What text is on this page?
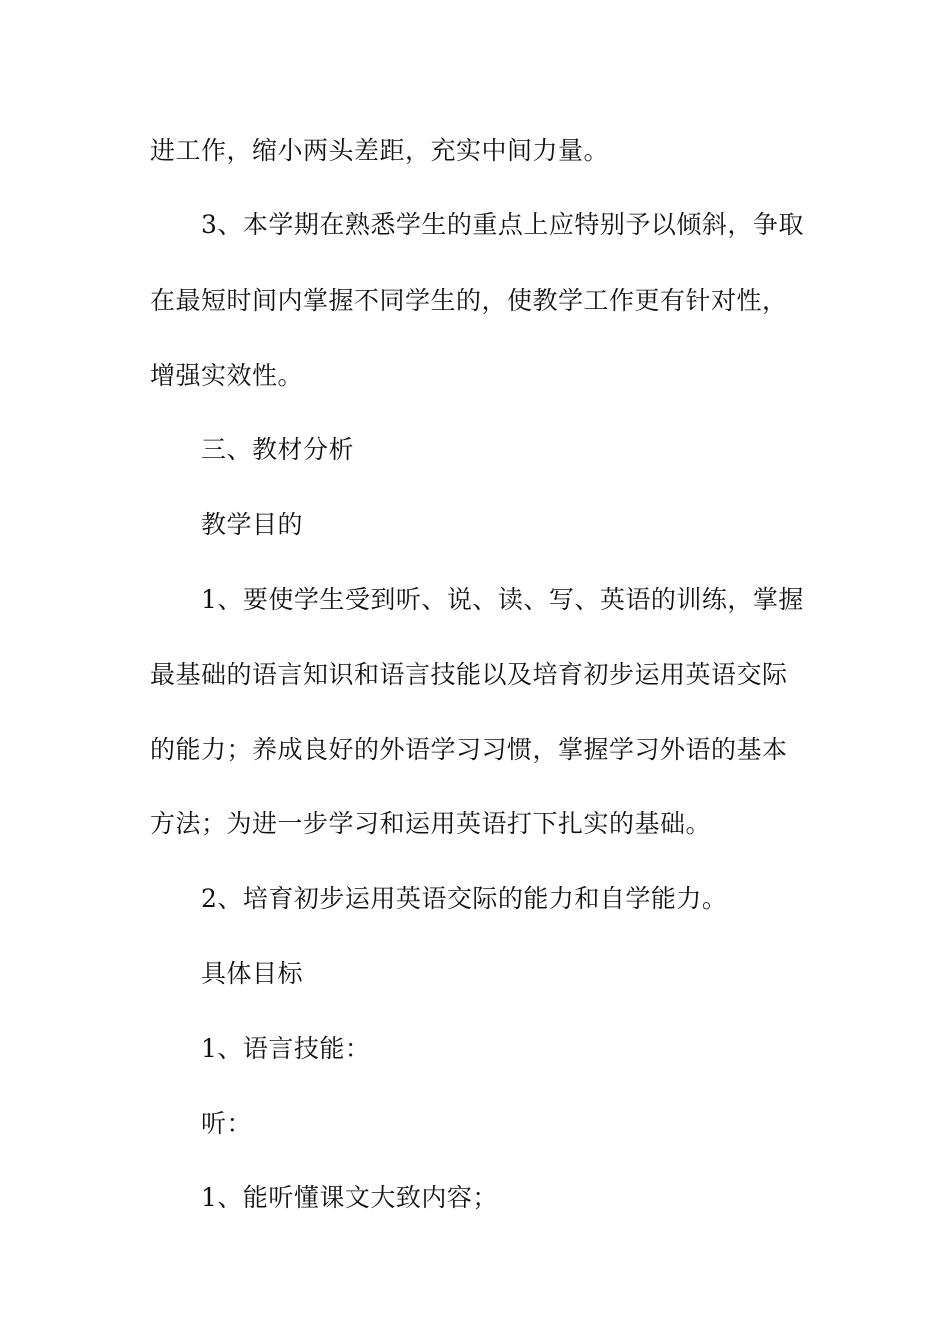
进工作，缩小两头差距，充实中间力量。
3、本学期在熟悉学生的重点上应特别予以倾斜，争取
在最短时间内掌握不同学生的，使教学工作更有针对性，
增强实效性。
三、教材分析
教学目的
1、要使学生受到听、说、读、写、英语的训练，掌握
最基础的语言知识和语言技能以及培育初步运用英语交际
的能力；养成良好的外语学习习惯，掌握学习外语的基本
方法；为进一步学习和运用英语打下扎实的基础。
2、培育初步运用英语交际的能力和自学能力。
具体目标
1、语言技能：
听：
1、能听懂课文大致内容；
